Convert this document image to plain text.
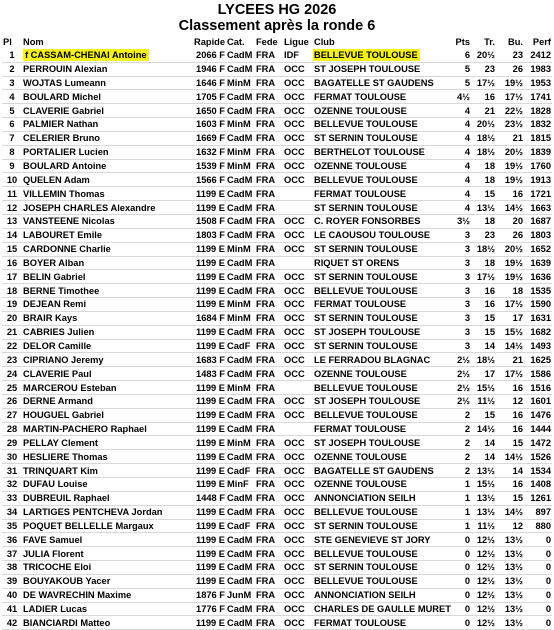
LYCEES HG 2026
Classement après la ronde 6
Pl	Nom	Rapide	Cat.	Fede	Ligue	Club	Pts	Tr.	Bu.	Perf
1	f CASSAM-CHENAI Antoine	2066 F	CadM	FRA	IDF	BELLEVUE TOULOUSE	6	20½	23	2412
2	PERROUIN Alexian	1946 F	CadM	FRA	OCC	ST JOSEPH TOULOUSE	5	23	26	1983
3	WOJTAS Lumeann	1646 F	MinM	FRA	OCC	BAGATELLE ST GAUDENS	5	17½	19½	1953
4	BOULARD Michel	1705 F	CadM	FRA	OCC	FERMAT TOULOUSE	4½	16	17½	1741
5	CLAVERIE Gabriel	1650 F	CadM	FRA	OCC	OZENNE TOULOUSE	4	21	22½	1828
6	PALMIER Nathan	1603 F	MinM	FRA	OCC	BELLEVUE TOULOUSE	4	20½	23½	1832
7	CELERIER Bruno	1669 F	CadM	FRA	OCC	ST SERNIN TOULOUSE	4	18½	21	1815
8	PORTALIER Lucien	1632 F	MinM	FRA	OCC	BERTHELOT TOULOUSE	4	18½	20½	1839
9	BOULARD Antoine	1539 F	MinM	FRA	OCC	OZENNE TOULOUSE	4	18	19½	1760
10	QUELEN Adam	1566 F	CadM	FRA	OCC	BELLEVUE TOULOUSE	4	18	19½	1913
11	VILLEMIN Thomas	1199 E	CadM	FRA		FERMAT TOULOUSE	4	15	16	1721
12	JOSEPH CHARLES Alexandre	1199 E	CadM	FRA		ST SERNIN TOULOUSE	4	13½	14½	1663
13	VANSTEENE Nicolas	1508 F	CadM	FRA	OCC	C. ROYER FONSORBES	3½	18	20	1687
14	LABOURET Emile	1803 F	CadM	FRA	OCC	LE CAOUSOU TOULOUSE	3	23	26	1803
15	CARDONNE Charlie	1199 E	MinM	FRA	OCC	ST SERNIN TOULOUSE	3	18½	20½	1652
16	BOYER Alban	1199 E	CadM	FRA		RIQUET ST ORENS	3	18	19½	1639
17	BELIN Gabriel	1199 E	CadM	FRA	OCC	ST SERNIN TOULOUSE	3	17½	19½	1636
18	BERNE Timothee	1199 E	CadM	FRA	OCC	BELLEVUE TOULOUSE	3	16	18	1535
19	DEJEAN Remi	1199 E	MinM	FRA	OCC	FERMAT TOULOUSE	3	16	17½	1590
20	BRAIR Kays	1684 F	MinM	FRA	OCC	ST SERNIN TOULOUSE	3	15	17	1631
21	CABRIES Julien	1199 E	CadM	FRA	OCC	ST JOSEPH TOULOUSE	3	15	15½	1682
22	DELOR Camille	1199 E	CadF	FRA	OCC	ST SERNIN TOULOUSE	3	14	14½	1493
23	CIPRIANO Jeremy	1683 F	CadM	FRA	OCC	LE FERRADOU BLAGNAC	2½	18½	21	1625
24	CLAVERIE Paul	1483 F	CadM	FRA	OCC	OZENNE TOULOUSE	2½	17	17½	1586
25	MARCEROU Esteban	1199 E	MinM	FRA		BELLEVUE TOULOUSE	2½	15½	16	1516
26	DERNE Armand	1199 E	CadM	FRA	OCC	ST JOSEPH TOULOUSE	2½	11½	12	1601
27	HOUGUEL Gabriel	1199 E	CadM	FRA	OCC	BELLEVUE TOULOUSE	2	15	16	1476
28	MARTIN-PACHERO Raphael	1199 E	CadM	FRA		FERMAT TOULOUSE	2	14½	16	1444
29	PELLAY Clement	1199 E	MinM	FRA	OCC	ST JOSEPH TOULOUSE	2	14	15	1472
30	HESLIERE Thomas	1199 E	CadM	FRA	OCC	OZENNE TOULOUSE	2	14	14½	1526
31	TRINQUART Kim	1199 E	CadF	FRA	OCC	BAGATELLE ST GAUDENS	2	13½	14	1534
32	DUFAU Louise	1199 E	MinF	FRA	OCC	OZENNE TOULOUSE	1	15½	16	1408
33	DUBREUIL Raphael	1448 F	CadM	FRA	OCC	ANNONCIATION SEILH	1	13½	15	1261
34	LARTIGES PENTCHEVA Jordan	1199 E	CadM	FRA	OCC	BELLEVUE TOULOUSE	1	13½	14½	897
35	POQUET BELLELLE Margaux	1199 E	CadF	FRA	OCC	ST SERNIN TOULOUSE	1	11½	12	880
36	FAVE Samuel	1199 E	CadM	FRA	OCC	STE GENEVIEVE ST JORY	0	12½	13½	0
37	JULIA Florent	1199 E	CadM	FRA	OCC	BELLEVUE TOULOUSE	0	12½	13½	0
38	TRICOCHE Eloi	1199 E	CadM	FRA	OCC	ST SERNIN TOULOUSE	0	12½	13½	0
39	BOUYAKOUB Yacer	1199 E	CadM	FRA	OCC	BELLEVUE TOULOUSE	0	12½	13½	0
40	DE WAVRECHIN Maxime	1876 F	JunM	FRA	OCC	ANNONCIATION SEILH	0	12½	13½	0
41	LADIER Lucas	1776 F	CadM	FRA	OCC	CHARLES DE GAULLE MURET	0	12½	13½	0
42	BIANCIARDI Matteo	1199 E	CadM	FRA	OCC	FERMAT TOULOUSE	0	12½	13½	0
